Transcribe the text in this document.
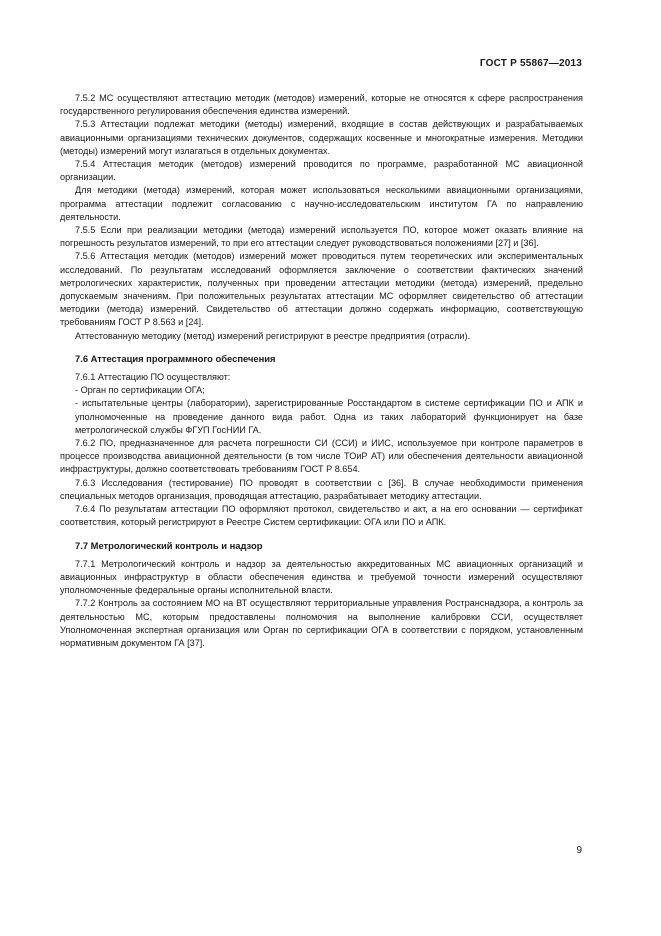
ГОСТ Р 55867—2013

7.5.2 МС осуществляют аттестацию методик (методов) измерений, которые не относятся к сфере распространения государственного регулирования обеспечения единства измерений.

7.5.3 Аттестации подлежат методики (методы) измерений, входящие в состав действующих и разрабатываемых авиационными организациями технических документов, содержащих косвенные и многократные измерения. Методики (методы) измерений могут излагаться в отдельных документах.

7.5.4 Аттестация методик (методов) измерений проводится по программе, разработанной МС авиационной организации.

Для методики (метода) измерений, которая может использоваться несколькими авиационными организациями, программа аттестации подлежит согласованию с научно-исследовательским институтом ГА по направлению деятельности.

7.5.5 Если при реализации методики (метода) измерений используется ПО, которое может оказать влияние на погрешность результатов измерений, то при его аттестации следует руководствоваться положениями [27] и [36].

7.5.6 Аттестация методик (методов) измерений может проводиться путем теоретических или экспериментальных исследований. По результатам исследований оформляется заключение о соответствии фактических значений метрологических характеристик, полученных при проведении аттестации методики (метода) измерений, предельно допускаемым значениям. При положительных результатах аттестации МС оформляет свидетельство об аттестации методики (метода) измерений. Свидетельство об аттестации должно содержать информацию, соответствующую требованиям ГОСТ Р 8.563 и [24].

Аттестованную методику (метод) измерений регистрируют в реестре предприятия (отрасли).

7.6 Аттестация программного обеспечения

7.6.1 Аттестацию ПО осуществляют:

- Орган по сертификации ОГА;

- испытательные центры (лаборатории), зарегистрированные Росстандартом в системе сертификации ПО и АПК и уполномоченные на проведение данного вида работ. Одна из таких лабораторий функционирует на базе метрологической службы ФГУП ГосНИИ ГА.

7.6.2 ПО, предназначенное для расчета погрешности СИ (ССИ) и ИИС, используемое при контроле параметров в процессе производства авиационной деятельности (в том числе ТОиР АТ) или обеспечения деятельности авиационной инфраструктуры, должно соответствовать требованиям ГОСТ Р 8.654.

7.6.3 Исследования (тестирование) ПО проводят в соответствии с [36]. В случае необходимости применения специальных методов организация, проводящая аттестацию, разрабатывает методику аттестации.

7.6.4 По результатам аттестации ПО оформляют протокол, свидетельство и акт, а на его основании — сертификат соответствия, который регистрируют в Реестре Систем сертификации: ОГА или ПО и АПК.

7.7 Метрологический контроль и надзор

7.7.1 Метрологический контроль и надзор за деятельностью аккредитованных МС авиационных организаций и авиационных инфраструктур в области обеспечения единства и требуемой точности измерений осуществляют уполномоченные федеральные органы исполнительной власти.

7.7.2 Контроль за состоянием МО на ВТ осуществляют территориальные управления Ространснадзора, а контроль за деятельностью МС, которым предоставлены полномочия на выполнение калибровки ССИ, осуществляет Уполномоченная экспертная организация или Орган по сертификации ОГА в соответствии с порядком, установленным нормативным документом ГА [37].

9
